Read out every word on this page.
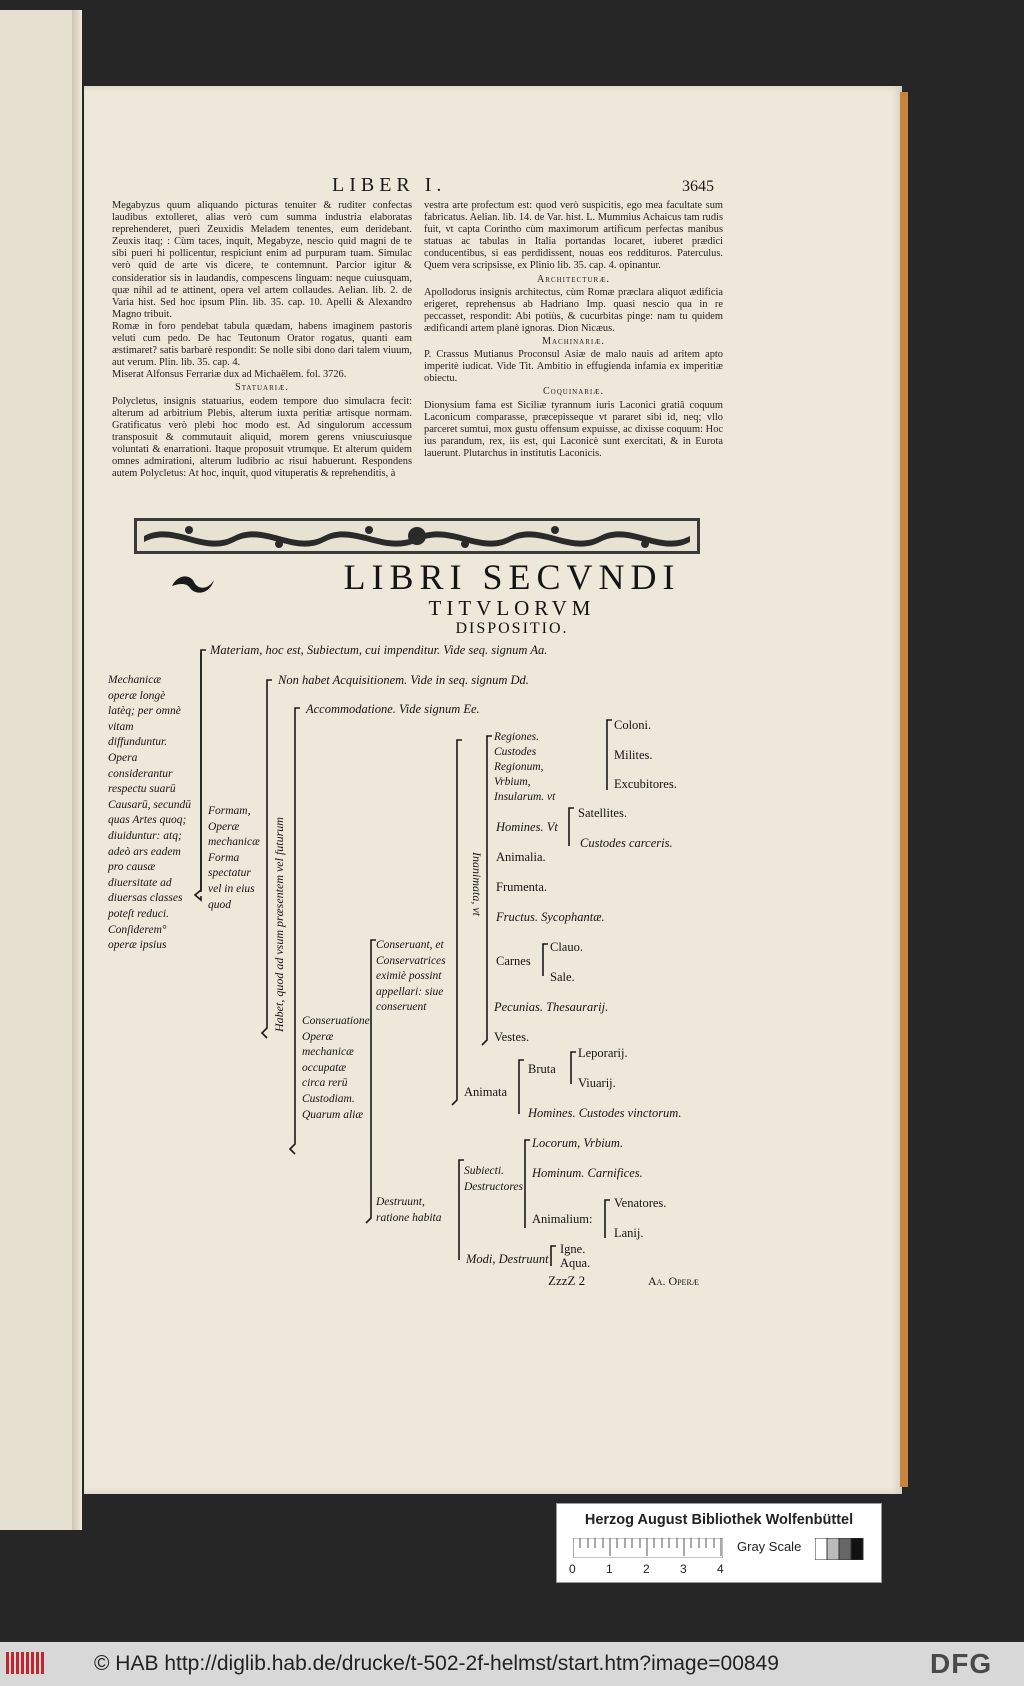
LIBER I.	3645

Megabyzus quum aliquando picturas tenuiter & ruditer confectas laudibus extolleret, alias verò cum summa industria elaboratas reprehenderet, pueri Zeuxidis Meladem tenentes, eum deridebant. Zeuxis itaq; : Cùm taces, inquit, Megabyze, nescio quid magni de te sibi pueri hi pollicentur, respiciunt enim ad purpuram tuam. Simulac verò quid de arte vis dicere, te contemnunt. Parcior igitur & consideratior sis in laudandis, compescens linguam: neque cuiusquam, quæ nihil ad te attinent, opera vel artem collaudes. Aelian. lib. 2. de Varia hist. Sed hoc ipsum Plin. lib. 35. cap. 10. Apelli & Alexandro Magno tribuit.

Romæ in foro pendebat tabula quædam, habens imaginem pastoris veluti cum pedo. De hac Teutonum Orator rogatus, quanti eam æstimaret? satis barbarè respondit: Se nolle sibi dono dari talem viuum, aut verum. Plin. lib. 35. cap. 4.

Miserat Alfonsus Ferrariæ dux ad Michaëlem. fol. 3726.

Statuariæ.

Polycletus, insignis statuarius, eodem tempore duo simulacra fecit: alterum ad arbitrium Plebis, alterum iuxta peritiæ artisque normam. Gratificatus verò plebi hoc modo est. Ad singulorum accessum transposuit & commutauit aliquid, morem gerens vniuscuiusque voluntati & enarrationi. Itaque proposuit vtrumque. Et alterum quidem omnes admirationi, alterum ludibrio ac risui habuerunt. Respondens autem Polycletus: At hoc, inquit, quod vituperatis & reprehenditis, à

vestra arte profectum est: quod verò suspicitis, ego mea facultate sum fabricatus. Aelian. lib. 14. de Var. hist. L. Mummius Achaicus tam rudis fuit, vt capta Corintho cùm maximorum artificum perfectas manibus statuas ac tabulas in Italia portandas locaret, iuberet prædici conducentibus, si eas perdidissent, nouas eos reddituros. Paterculus. Quem vera scripsisse, ex Plinio lib. 35. cap. 4. opinantur.

Architecturæ.

Apollodorus insignis architectus, cùm Romæ præclara aliquot ædificia erigeret, reprehensus ab Hadriano Imp. quasi nescio qua in re peccasset, respondit: Abi potiùs, & cucurbitas pinge: nam tu quidem ædificandi artem planè ignoras. Dion Nicæus.

Machinariæ.

P. Crassus Mutianus Proconsul Asiæ de malo nauis ad aritem apto imperitè iudicat. Vide Tit. Ambitio in effugienda infamia ex imperitiæ obiectu.

Coquinariæ.

Dionysium fama est Siciliæ tyrannum iuris Laconici gratiâ coquum Laconicum comparasse, præcepisseque vt pararet sibi id, neq; vllo parceret sumtui, mox gustu offensum expuisse, ac dixisse coquum: Hoc ius parandum, rex, iis est, qui Laconicè sunt exercitati, & in Eurota lauerunt. Plutarchus in institutis Laconicis.

LIBRI SECVNDI
TITVLORVM
DISPOSITIO.
Mechanicæ operæ longè latèq; per omnè vitam diffunduntur. Opera considerantur respectu suarū Causarū, secundū quas Artes quoq; diuiduntur: atq; adeò ars eadem pro causæ diuersitate ad diuersas classes poteſt reduci. Conſiderem° operæ ipsius
Materiam, hoc est, Subiectum, cui impenditur. Vide seq. signum Aa.
Formam, Operæ mechanicæ Forma spectatur vel in eius quod
Non habet Acquisitionem. Vide in seq. signum Dd.
Habet, quod ad vsum præsentem vel futurum
Accommodatione. Vide signum Ee.
Conseruatione. Operæ mechanicæ occupatæ circa rerū Custodiam. Quarum aliæ
Conseruant, et Conservatrices eximiè possint appellari: siue conseruent
Inanimata, vt
Regiones. Custodes Regionum, Vrbium, Insularum. vt
Coloni.
Milites.
Excubitores.
Homines. Vt
Satellites.
Custodes carceris.
Animalia.
Frumenta.
Fructus. Sycophantæ.
Carnes
Clauo.
Sale.
Pecunias. Thesaurarij.
Vestes.
Animata
Bruta
Leporarij.
Viuarij.
Homines. Custodes vinctorum.
Destruunt, ratione habita
Subiecti. Destructores
Locorum, Vrbium.
Hominum. Carnifices.
Animalium:
Venatores.
Lanij.
Modi, Destruunt
Igne.
Aqua.
ZzzZ 2	Aa. Operæ
Herzog August Bibliothek Wolfenbüttel
0	1	2	3	4
Gray Scale
© HAB http://diglib.hab.de/drucke/t-502-2f-helmst/start.htm?image=00849	DFG
